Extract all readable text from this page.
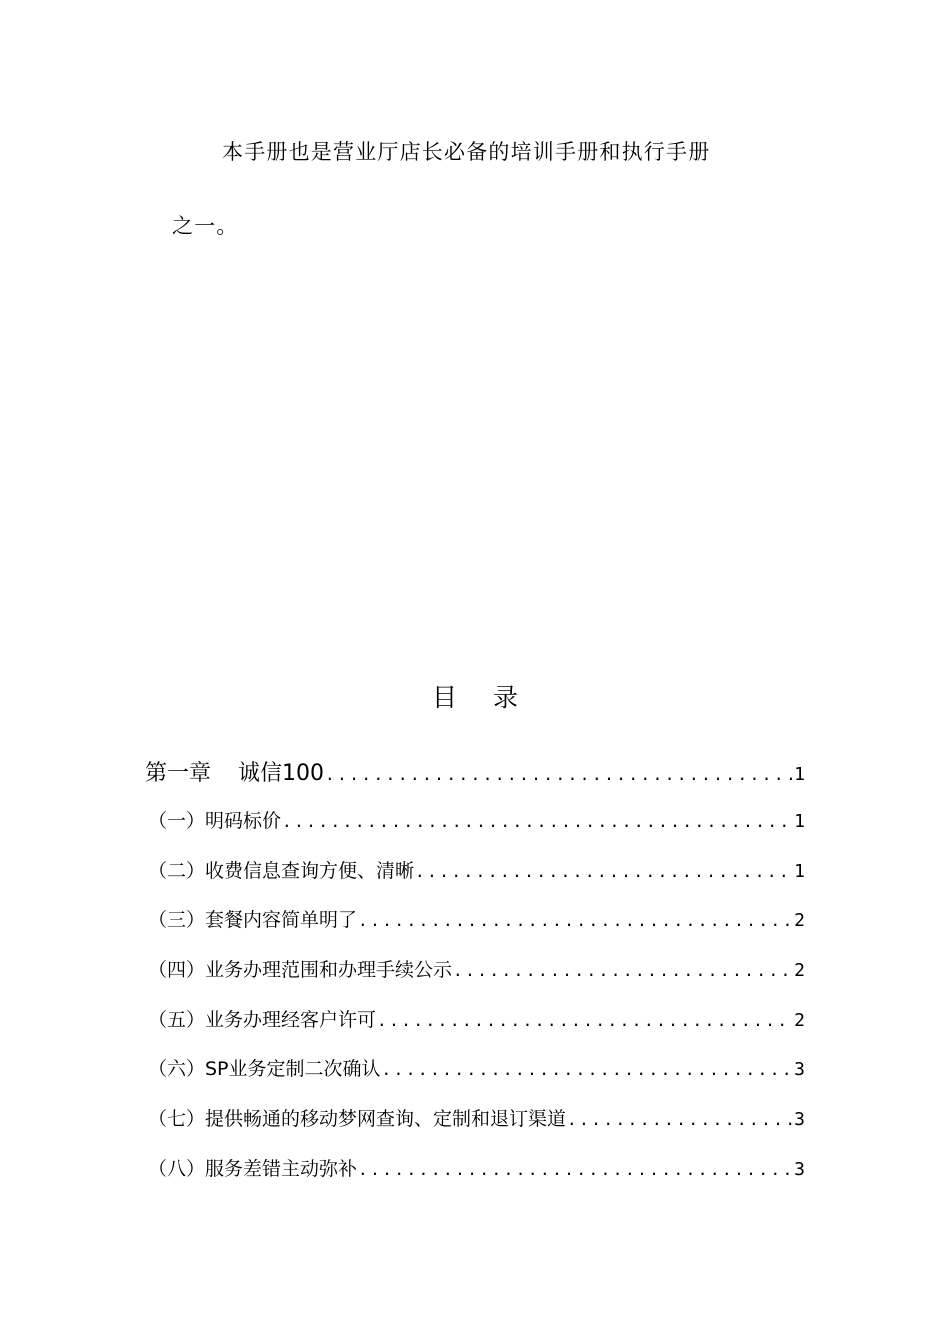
本手册也是营业厅店长必备的培训手册和执行手册
之一。
目 录
第一章 诚信100 .....	1
（一）明码标价 .....	1
（二）收费信息查询方便、清晰 .....	1
（三）套餐内容简单明了 .....	2
（四）业务办理范围和办理手续公示 .....	2
（五）业务办理经客户许可 .....	2
（六）SP业务定制二次确认 .....	3
（七）提供畅通的移动梦网查询、定制和退订渠道 .....	3
（八）服务差错主动弥补 .....	3
